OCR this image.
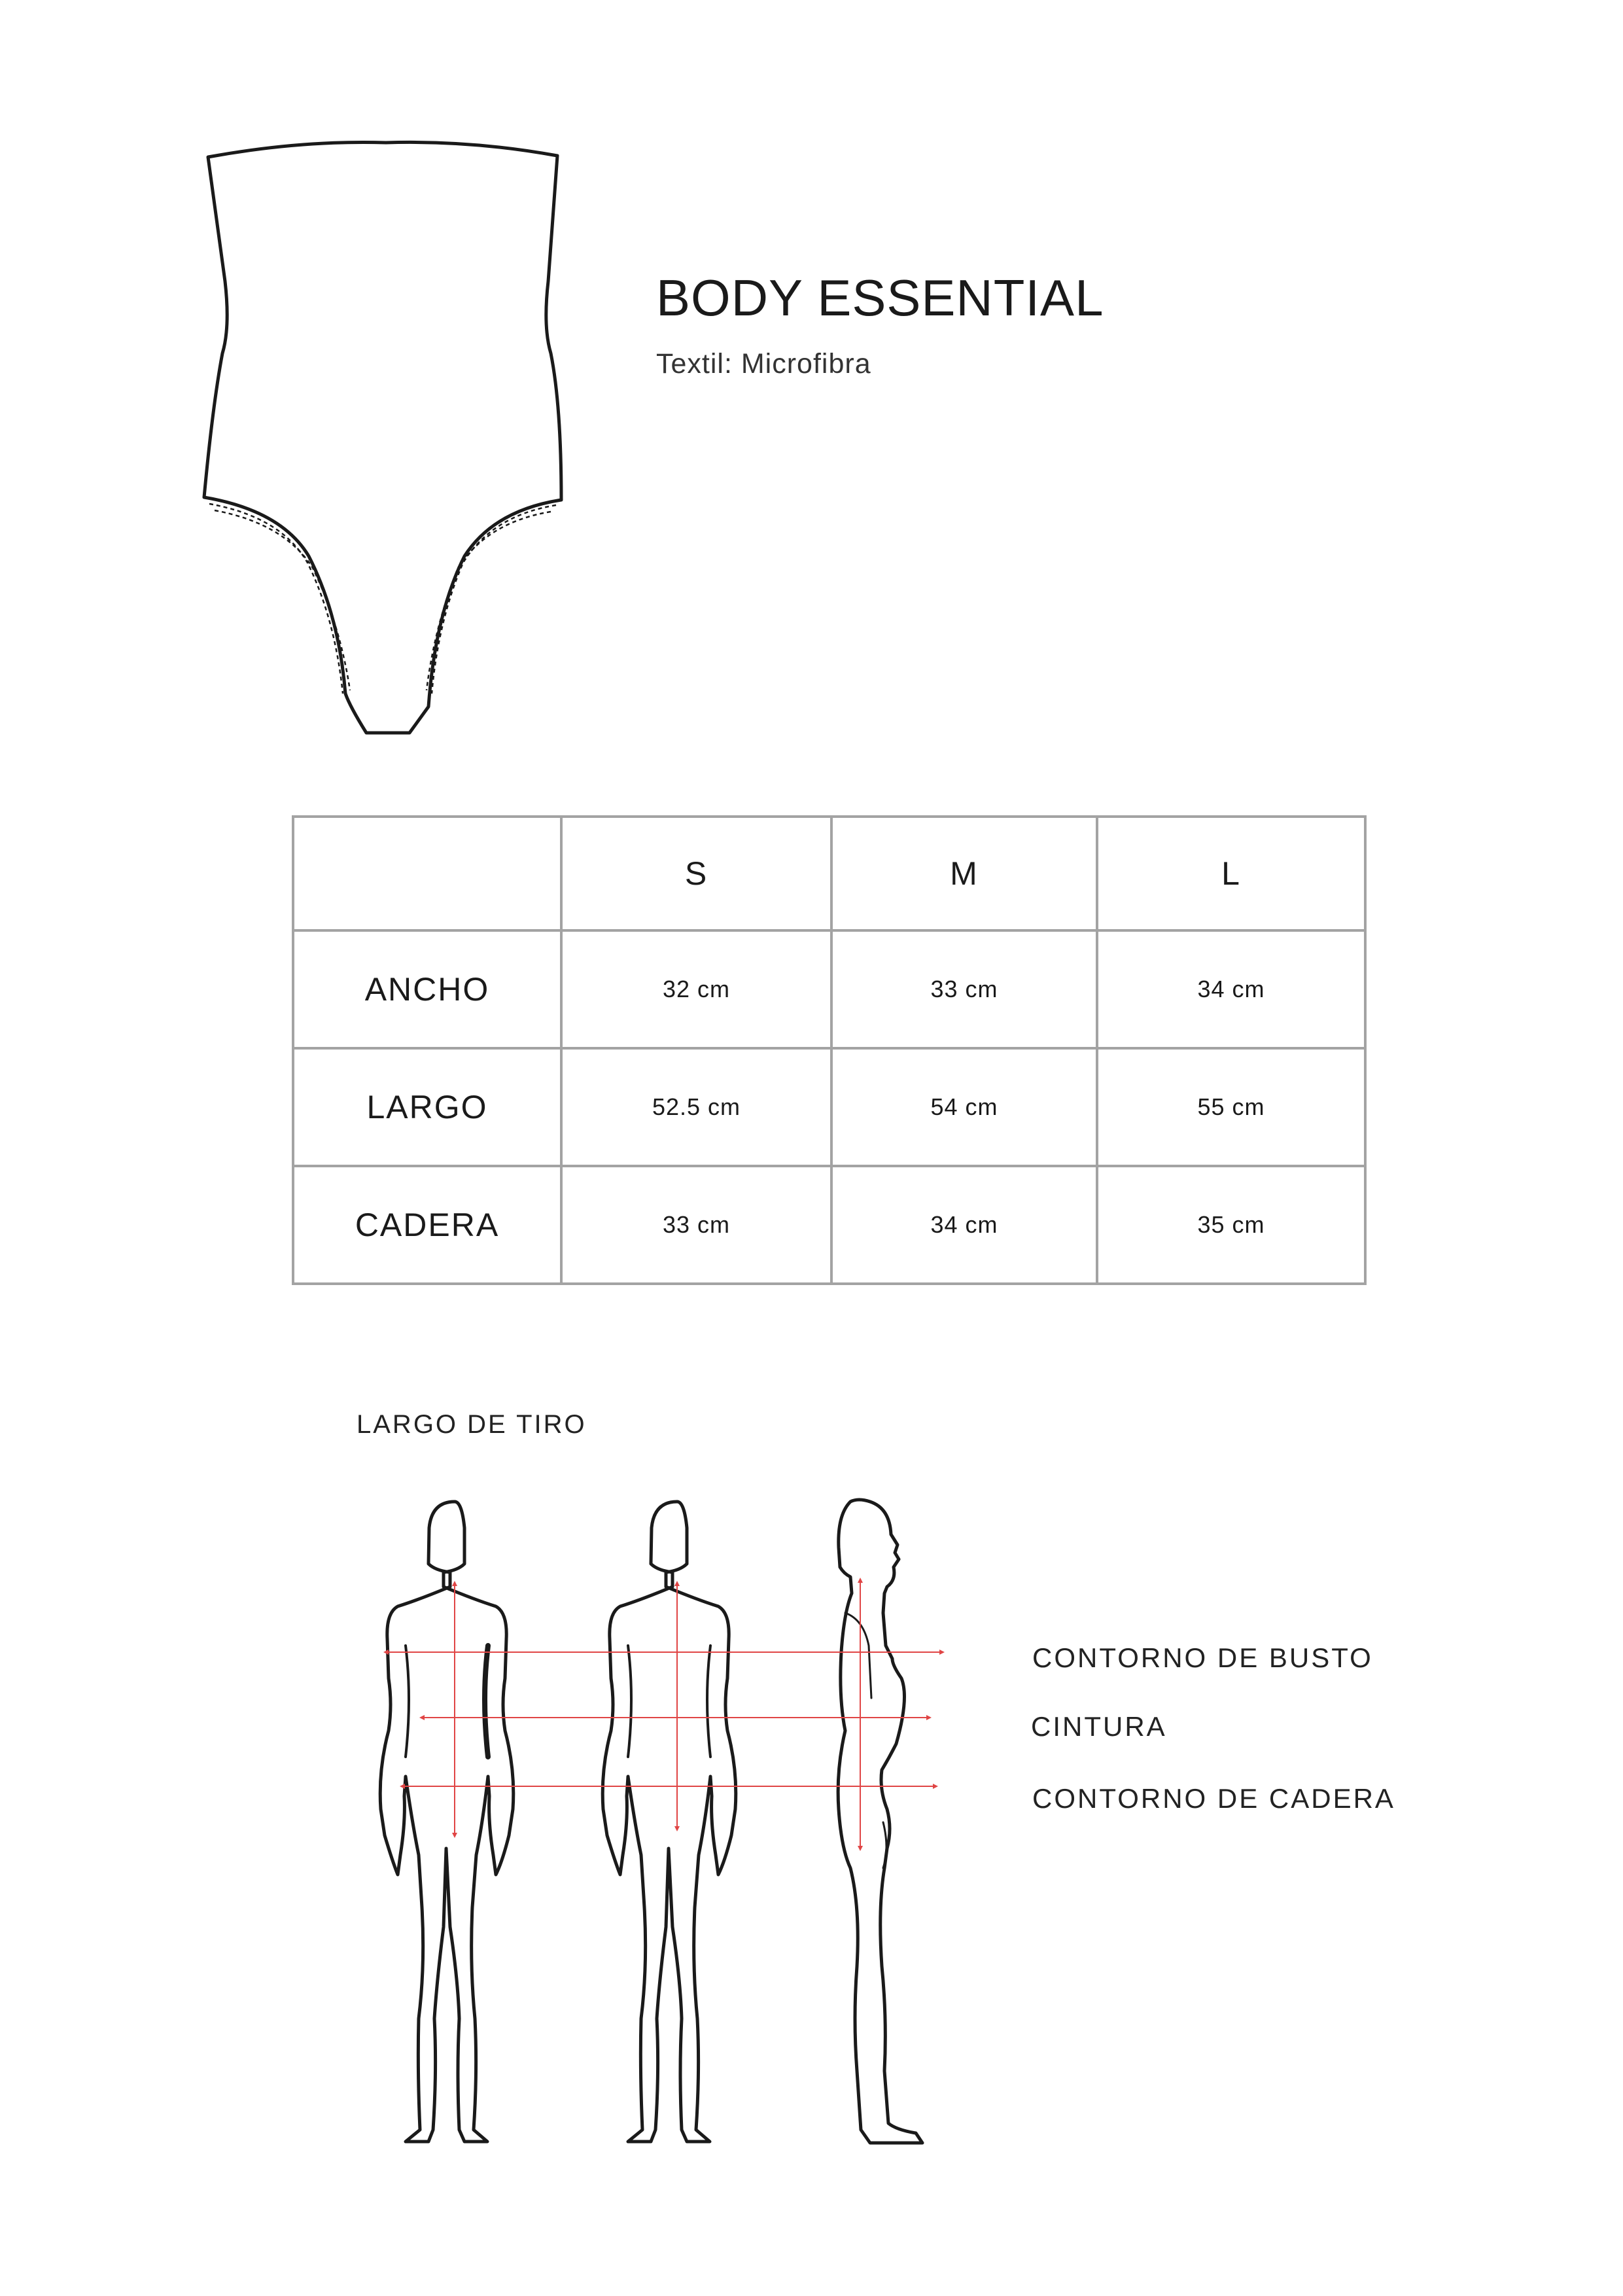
BODY ESSENTIAL
Textil: Microfibra
	S	M	L
ANCHO	32 cm	33 cm	34 cm
LARGO	52.5 cm	54 cm	55 cm
CADERA	33 cm	34 cm	35 cm
LARGO DE TIRO
CONTORNO DE BUSTO
CINTURA
CONTORNO DE CADERA
